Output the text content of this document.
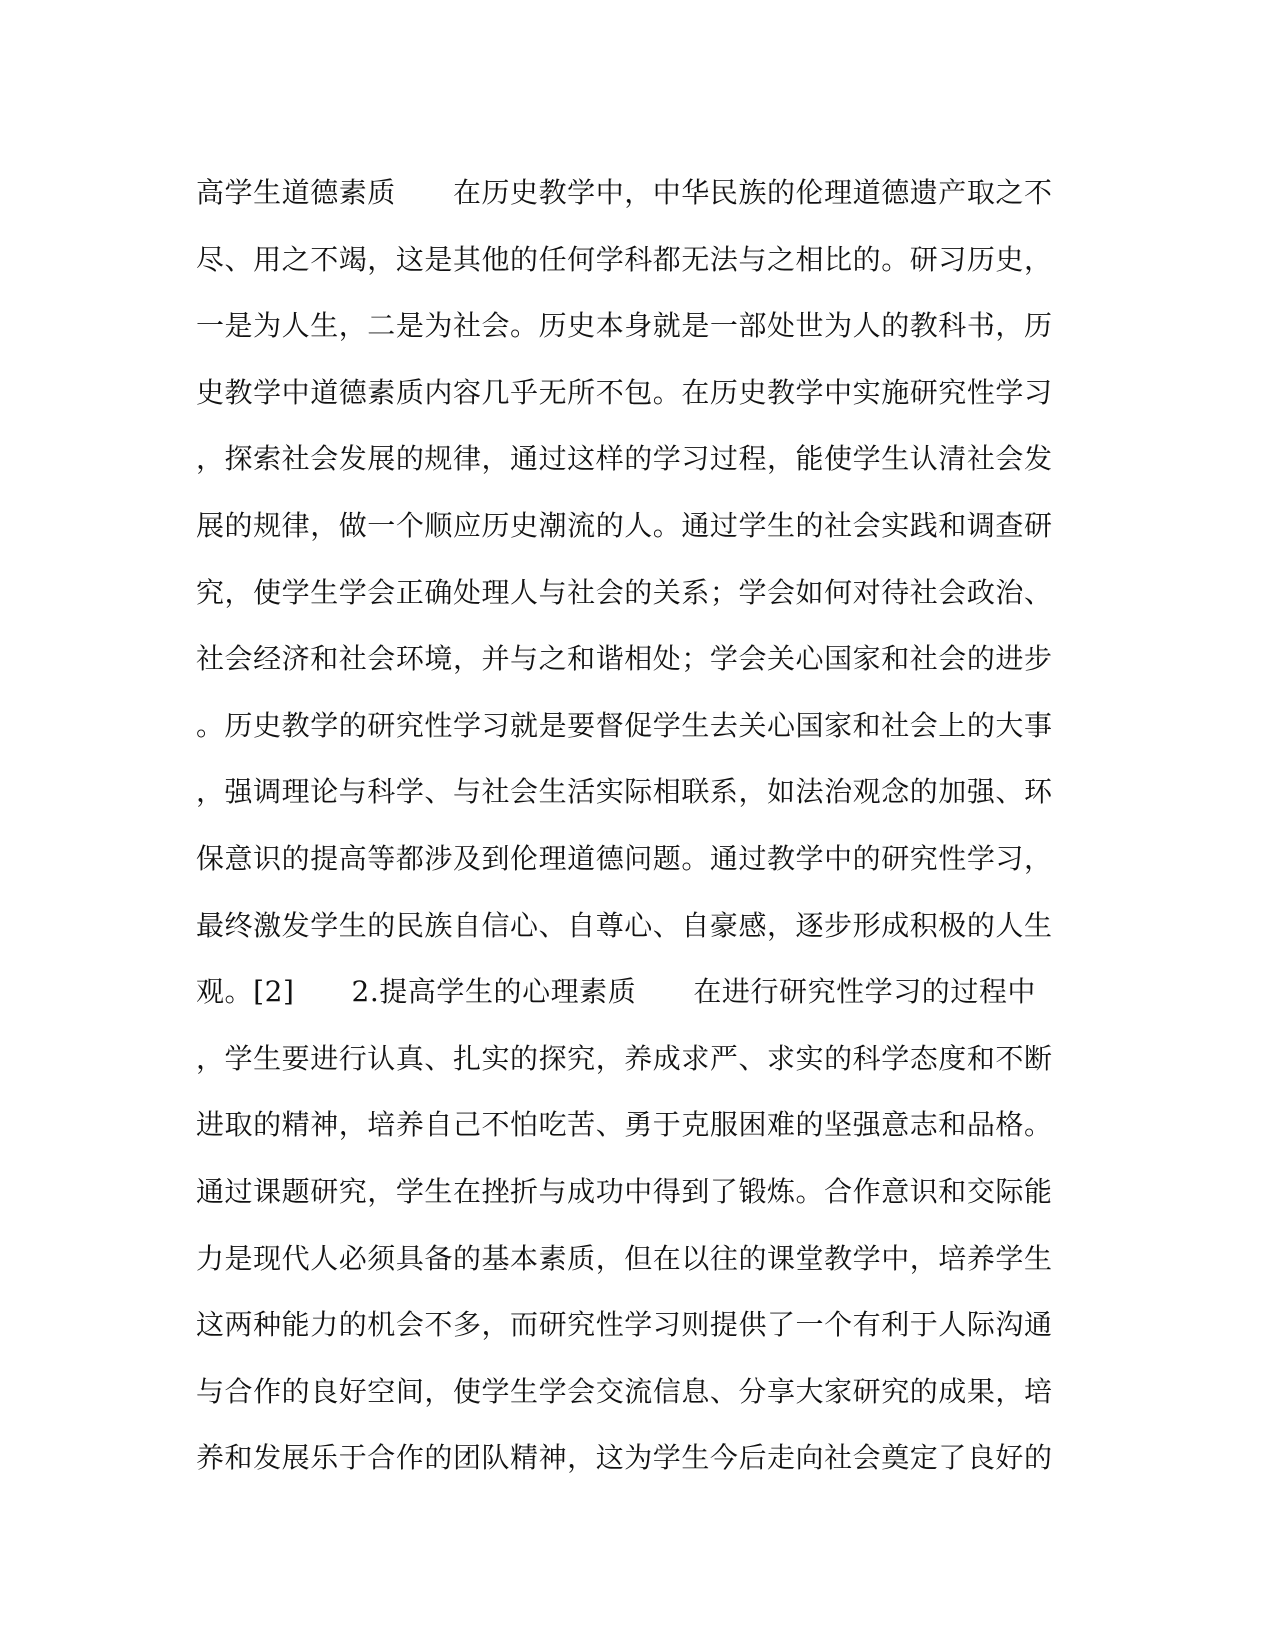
高学生道德素质　　在历史教学中，中华民族的伦理道德遗产取之不
尽、用之不竭，这是其他的任何学科都无法与之相比的。研习历史，
一是为人生，二是为社会。历史本身就是一部处世为人的教科书，历
史教学中道德素质内容几乎无所不包。在历史教学中实施研究性学习
，探索社会发展的规律，通过这样的学习过程，能使学生认清社会发
展的规律，做一个顺应历史潮流的人。通过学生的社会实践和调查研
究，使学生学会正确处理人与社会的关系；学会如何对待社会政治、
社会经济和社会环境，并与之和谐相处；学会关心国家和社会的进步
。历史教学的研究性学习就是要督促学生去关心国家和社会上的大事
，强调理论与科学、与社会生活实际相联系，如法治观念的加强、环
保意识的提高等都涉及到伦理道德问题。通过教学中的研究性学习，
最终激发学生的民族自信心、自尊心、自豪感，逐步形成积极的人生
观。[2]　　2.提高学生的心理素质　　在进行研究性学习的过程中
，学生要进行认真、扎实的探究，养成求严、求实的科学态度和不断
进取的精神，培养自己不怕吃苦、勇于克服困难的坚强意志和品格。
通过课题研究，学生在挫折与成功中得到了锻炼。合作意识和交际能
力是现代人必须具备的基本素质，但在以往的课堂教学中，培养学生
这两种能力的机会不多，而研究性学习则提供了一个有利于人际沟通
与合作的良好空间，使学生学会交流信息、分享大家研究的成果，培
养和发展乐于合作的团队精神，这为学生今后走向社会奠定了良好的
